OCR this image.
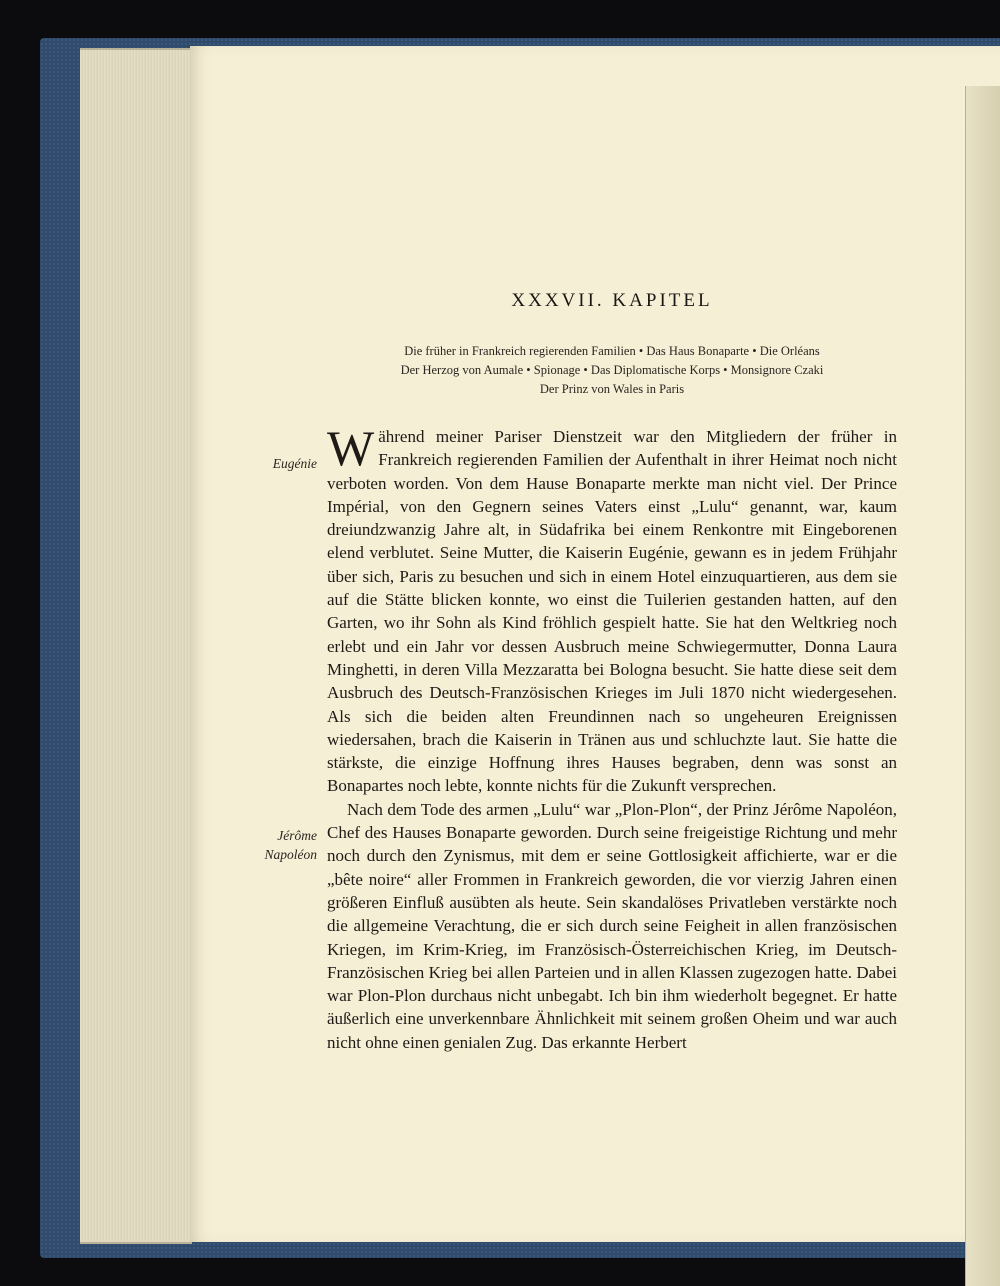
XXXVII. KAPITEL
Die früher in Frankreich regierenden Familien • Das Haus Bonaparte • Die Orléans
Der Herzog von Aumale • Spionage • Das Diplomatische Korps • Monsignore Czaki
Der Prinz von Wales in Paris
Eugénie
Jérôme
Napoléon

Während meiner Pariser Dienstzeit war den Mitgliedern der früher in Frankreich regierenden Familien der Aufenthalt in ihrer Heimat noch nicht verboten worden. Von dem Hause Bonaparte merkte man nicht viel. Der Prince Impérial, von den Gegnern seines Vaters einst „Lulu“ genannt, war, kaum dreiundzwanzig Jahre alt, in Südafrika bei einem Renkontre mit Eingeborenen elend verblutet. Seine Mutter, die Kaiserin Eugénie, gewann es in jedem Frühjahr über sich, Paris zu besuchen und sich in einem Hotel einzuquartieren, aus dem sie auf die Stätte blicken konnte, wo einst die Tuilerien gestanden hatten, auf den Garten, wo ihr Sohn als Kind fröhlich gespielt hatte. Sie hat den Weltkrieg noch erlebt und ein Jahr vor dessen Ausbruch meine Schwiegermutter, Donna Laura Minghetti, in deren Villa Mezzaratta bei Bologna besucht. Sie hatte diese seit dem Ausbruch des Deutsch-Französischen Krieges im Juli 1870 nicht wiedergesehen. Als sich die beiden alten Freundinnen nach so ungeheuren Ereignissen wiedersahen, brach die Kaiserin in Tränen aus und schluchzte laut. Sie hatte die stärkste, die einzige Hoffnung ihres Hauses begraben, denn was sonst an Bonapartes noch lebte, konnte nichts für die Zukunft versprechen.

Nach dem Tode des armen „Lulu“ war „Plon-Plon“, der Prinz Jérôme Napoléon, Chef des Hauses Bonaparte geworden. Durch seine freigeistige Richtung und mehr noch durch den Zynismus, mit dem er seine Gottlosigkeit affichierte, war er die „bête noire“ aller Frommen in Frankreich geworden, die vor vierzig Jahren einen größeren Einfluß ausübten als heute. Sein skandalöses Privatleben verstärkte noch die allgemeine Verachtung, die er sich durch seine Feigheit in allen französischen Kriegen, im Krim-Krieg, im Französisch-Österreichischen Krieg, im Deutsch-Französischen Krieg bei allen Parteien und in allen Klassen zugezogen hatte. Dabei war Plon-Plon durchaus nicht unbegabt. Ich bin ihm wiederholt begegnet. Er hatte äußerlich eine unverkennbare Ähnlichkeit mit seinem großen Oheim und war auch nicht ohne einen genialen Zug. Das erkannte Herbert
